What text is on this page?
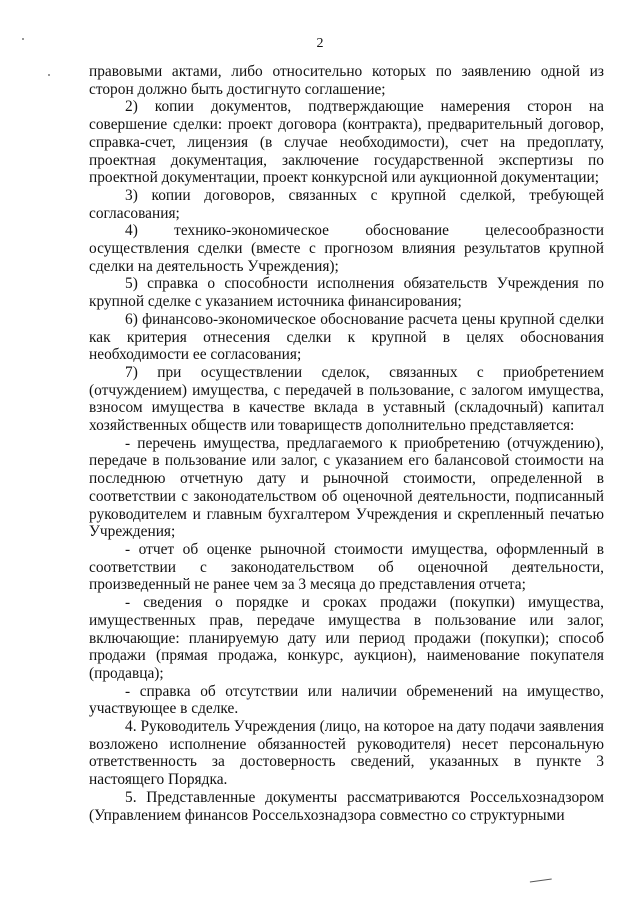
2

правовыми актами, либо относительно которых по заявлению одной из сторон должно быть достигнуто соглашение;

2) копии документов, подтверждающие намерения сторон на совершение сделки: проект договора (контракта), предварительный договор, справка-счет, лицензия (в случае необходимости), счет на предоплату, проектная документация, заключение государственной экспертизы по проектной документации, проект конкурсной или аукционной документации;

3) копии договоров, связанных с крупной сделкой, требующей согласования;

4) технико-экономическое обоснование целесообразности осуществления сделки (вместе с прогнозом влияния результатов крупной сделки на деятельность Учреждения);

5) справка о способности исполнения обязательств Учреждения по крупной сделке с указанием источника финансирования;

6) финансово-экономическое обоснование расчета цены крупной сделки как критерия отнесения сделки к крупной в целях обоснования необходимости ее согласования;

7) при осуществлении сделок, связанных с приобретением (отчуждением) имущества, с передачей в пользование, с залогом имущества, взносом имущества в качестве вклада в уставный (складочный) капитал хозяйственных обществ или товариществ дополнительно представляется:

- перечень имущества, предлагаемого к приобретению (отчуждению), передаче в пользование или залог, с указанием его балансовой стоимости на последнюю отчетную дату и рыночной стоимости, определенной в соответствии с законодательством об оценочной деятельности, подписанный руководителем и главным бухгалтером Учреждения и скрепленный печатью Учреждения;

- отчет об оценке рыночной стоимости имущества, оформленный в соответствии с законодательством об оценочной деятельности, произведенный не ранее чем за 3 месяца до представления отчета;

- сведения о порядке и сроках продажи (покупки) имущества, имущественных прав, передаче имущества в пользование или залог, включающие: планируемую дату или период продажи (покупки); способ продажи (прямая продажа, конкурс, аукцион), наименование покупателя (продавца);

- справка об отсутствии или наличии обременений на имущество, участвующее в сделке.

4. Руководитель Учреждения (лицо, на которое на дату подачи заявления возложено исполнение обязанностей руководителя) несет персональную ответственность за достоверность сведений, указанных в пункте 3 настоящего Порядка.

5. Представленные документы рассматриваются Россельхознадзором (Управлением финансов Россельхознадзора совместно со структурными
